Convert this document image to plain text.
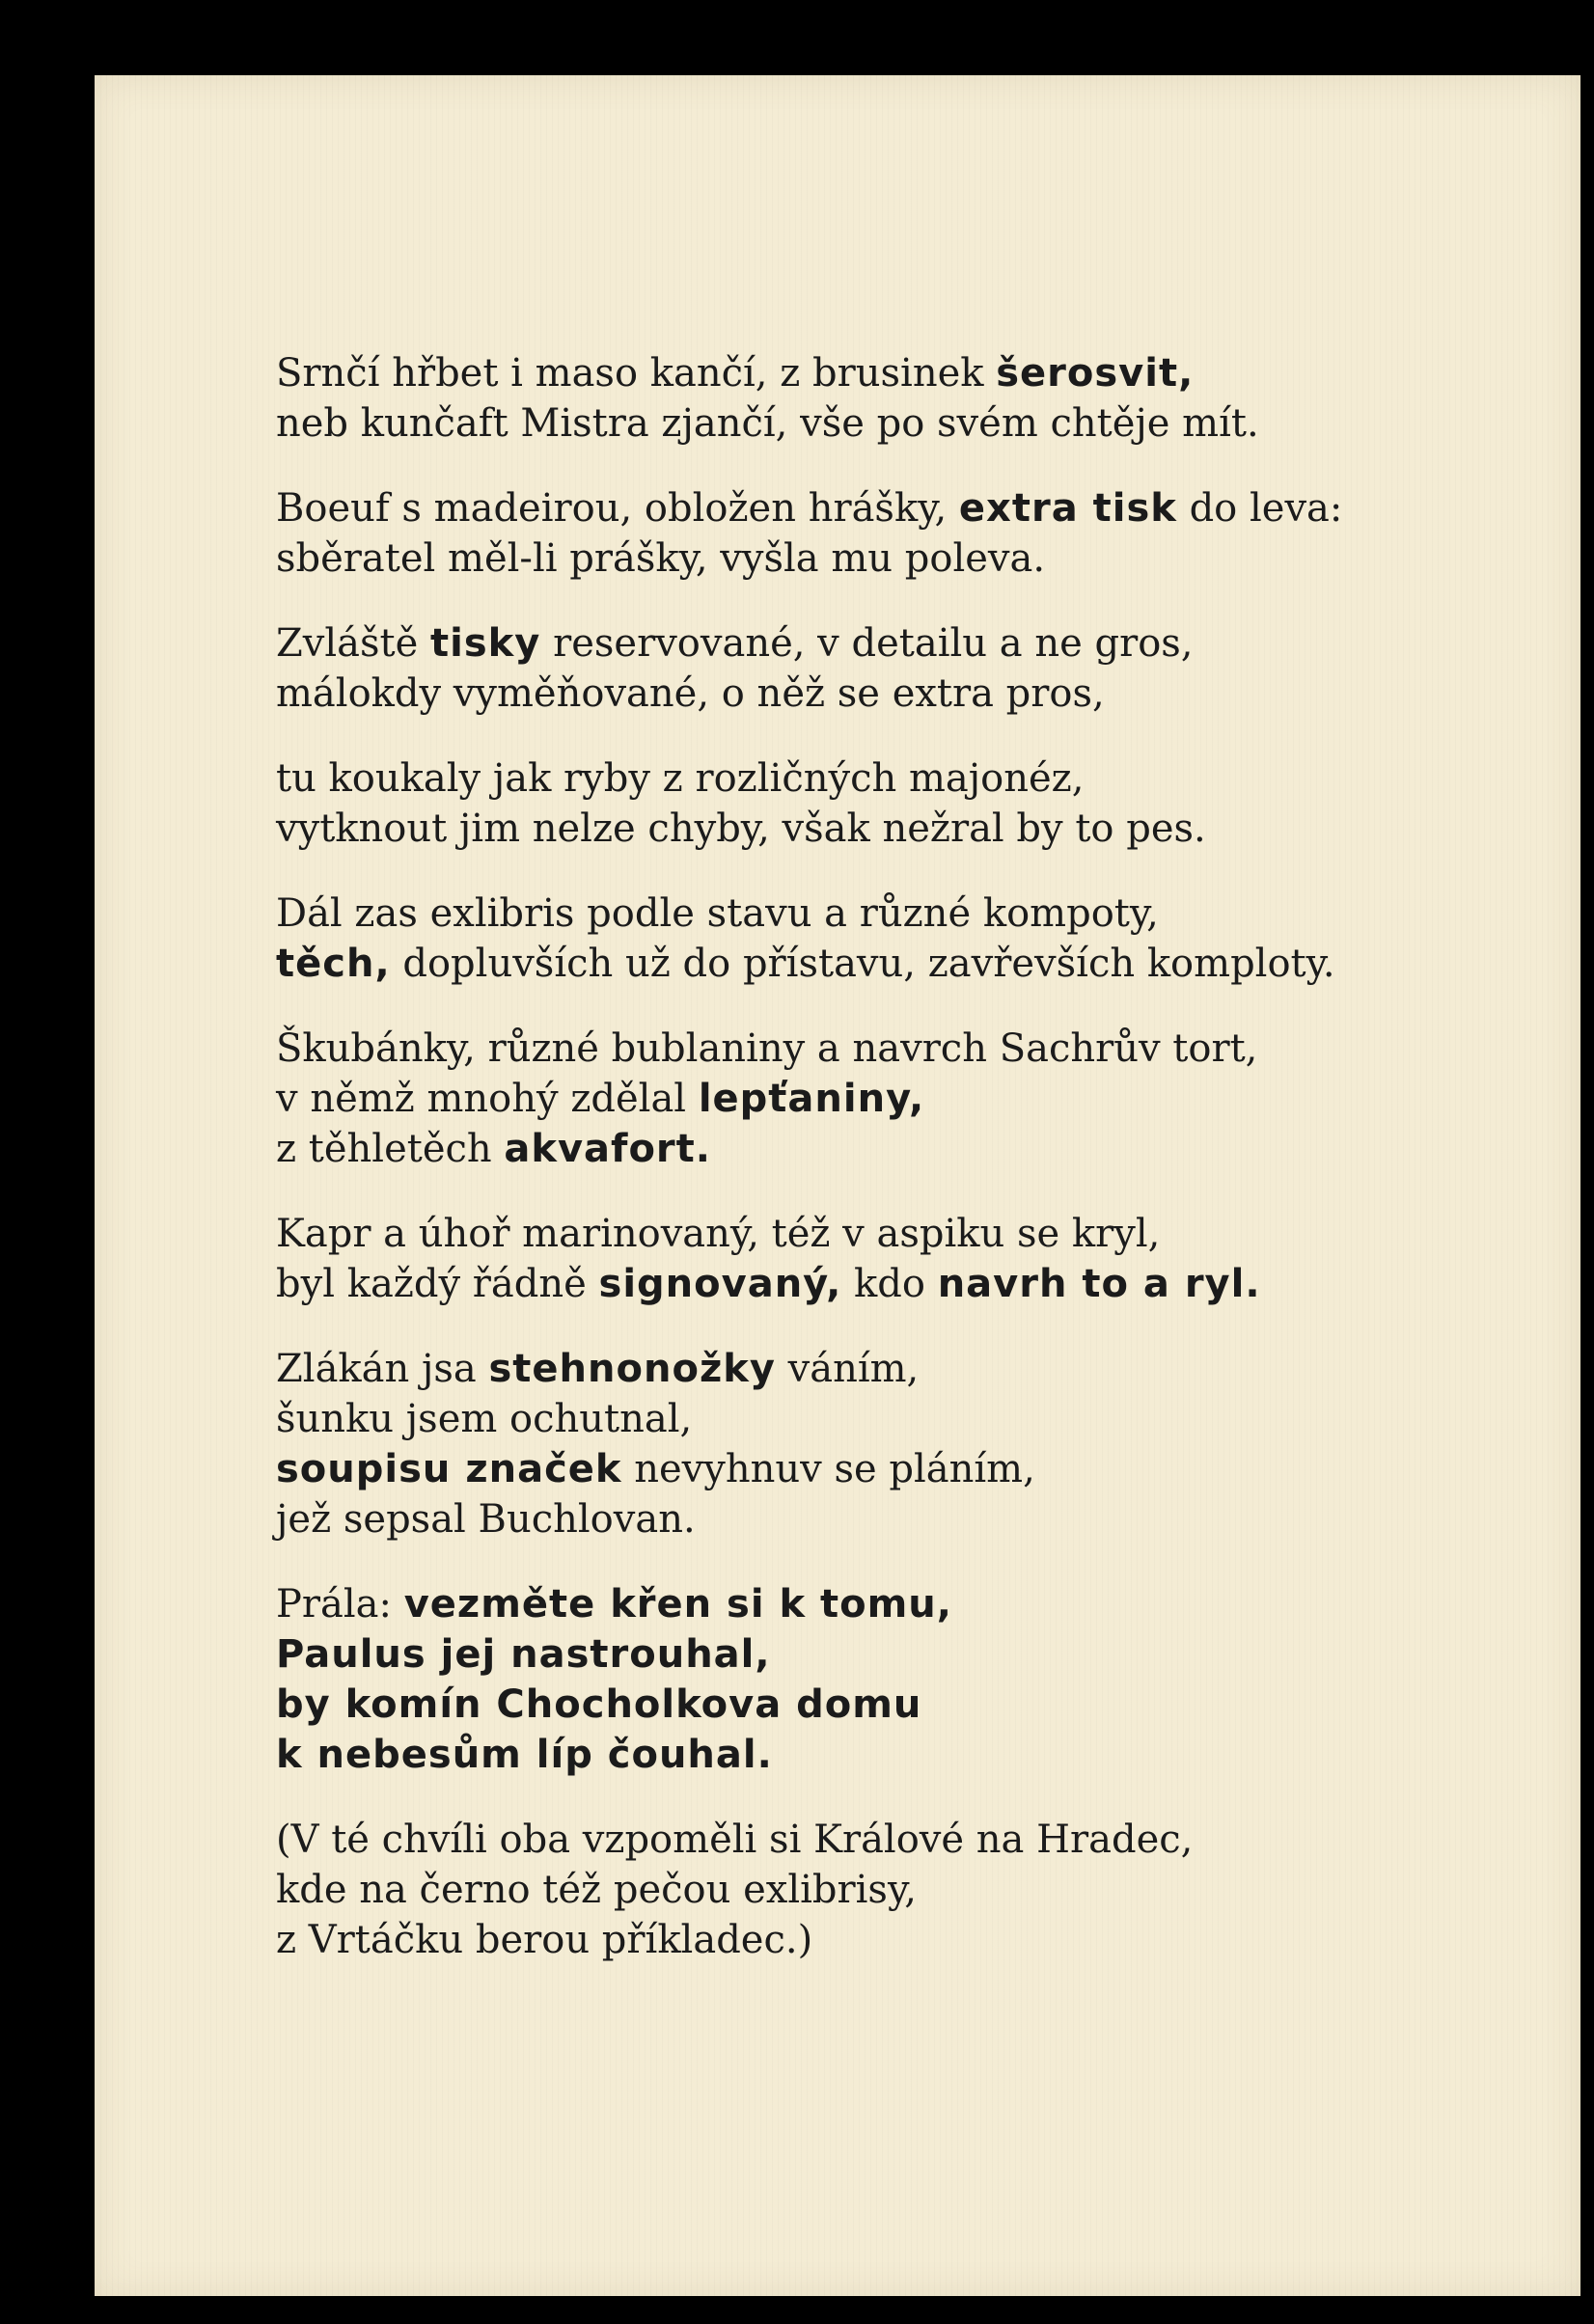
Srnčí hřbet i maso kančí, z brusinek šerosvit,
neb kunčaft Mistra zjančí, vše po svém chtěje mít.
Boeuf s madeirou, obložen hrášky, extra tisk do leva:
sběratel měl-li prášky, vyšla mu poleva.
Zvláště tisky reservované, v detailu a ne gros,
málokdy vyměňované, o něž se extra pros,
tu koukaly jak ryby z rozličných majonéz,
vytknout jim nelze chyby, však nežral by to pes.
Dál zas exlibris podle stavu a různé kompoty,
těch, dopluvších už do přístavu, zavřevších komploty.
Škubánky, různé bublaniny a navrch Sachrův tort,
v němž mnohý zdělal lepťaniny,
z těhletěch akvafort.
Kapr a úhoř marinovaný, též v aspiku se kryl,
byl každý řádně signovaný, kdo navrh to a ryl.
Zlákán jsa stehnonožky váním,
šunku jsem ochutnal,
soupisu značek nevyhnuv se pláním,
jež sepsal Buchlovan.
Prála: vezměte křen si k tomu,
Paulus jej nastrouhal,
by komín Chocholkova domu
k nebesům líp čouhal.
(V té chvíli oba vzpoměli si Králové na Hradec,
kde na černo též pečou exlibrisy,
z Vrtáčku berou příkladec.)
